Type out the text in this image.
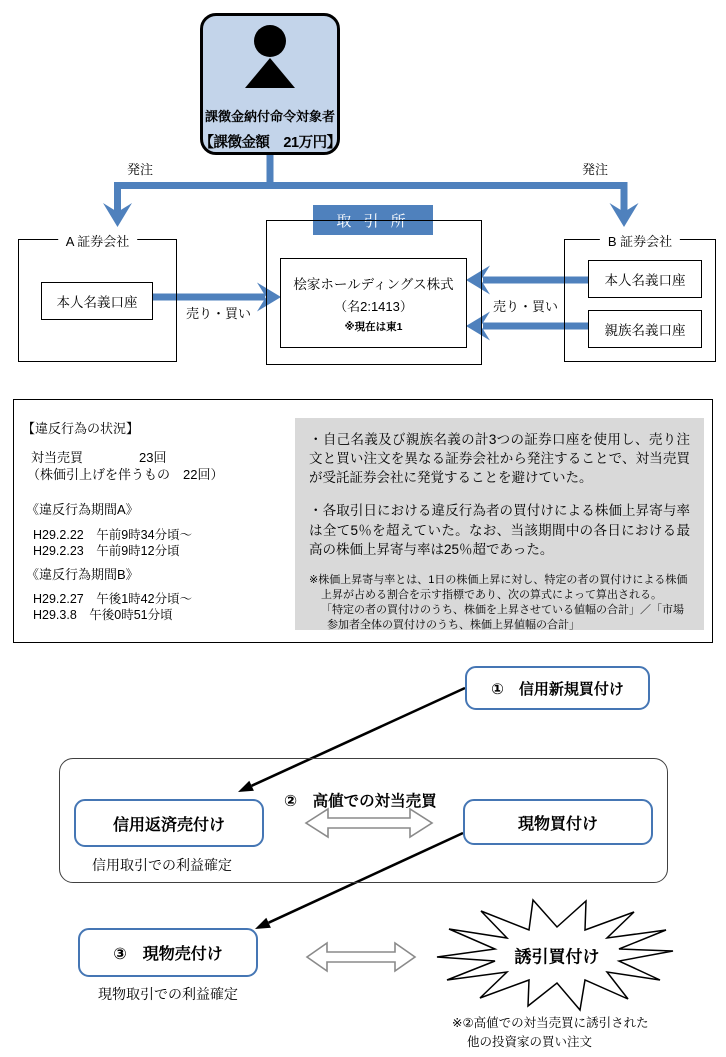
課徴金納付命令対象者
【課徴金額　21万円】
発注	発注
A 証券会社
本人名義口座
取 引 所
桧家ホールディングス株式
（名2:1413）
※現在は東1
B 証券会社
本人名義口座
親族名義口座
売り・買い	売り・買い
【違反行為の状況】
対当売買	23回
（株価引上げを伴うもの　22回）
《違反行為期間A》
H29.2.22　午前9時34分頃～
H29.2.23　午前9時12分頃
《違反行為期間B》
H29.2.27　午後1時42分頃～
H29.3.8　午後0時51分頃

・自己名義及び親族名義の計3つの証券口座を使用し、売り注文と買い注文を異なる証券会社から発注することで、対当売買が受託証券会社に発覚することを避けていた。

・各取引日における違反行為者の買付けによる株価上昇寄与率は全て5％を超えていた。なお、当該期間中の各日における最高の株価上昇寄与率は25％超であった。

※株価上昇寄与率とは、1日の株価上昇に対し、特定の者の買付けによる株価上昇が占める割合を示す指標であり、次の算式によって算出される。

「特定の者の買付けのうち、株価を上昇させている値幅の合計」／「市場参加者全体の買付けのうち、株価上昇値幅の合計」

①　信用新規買付け
信用返済売付け	現物買付け
②　高値での対当売買
信用取引での利益確定
③　現物売付け
現物取引での利益確定
誘引買付け
※②高値での対当売買に誘引された
他の投資家の買い注文
